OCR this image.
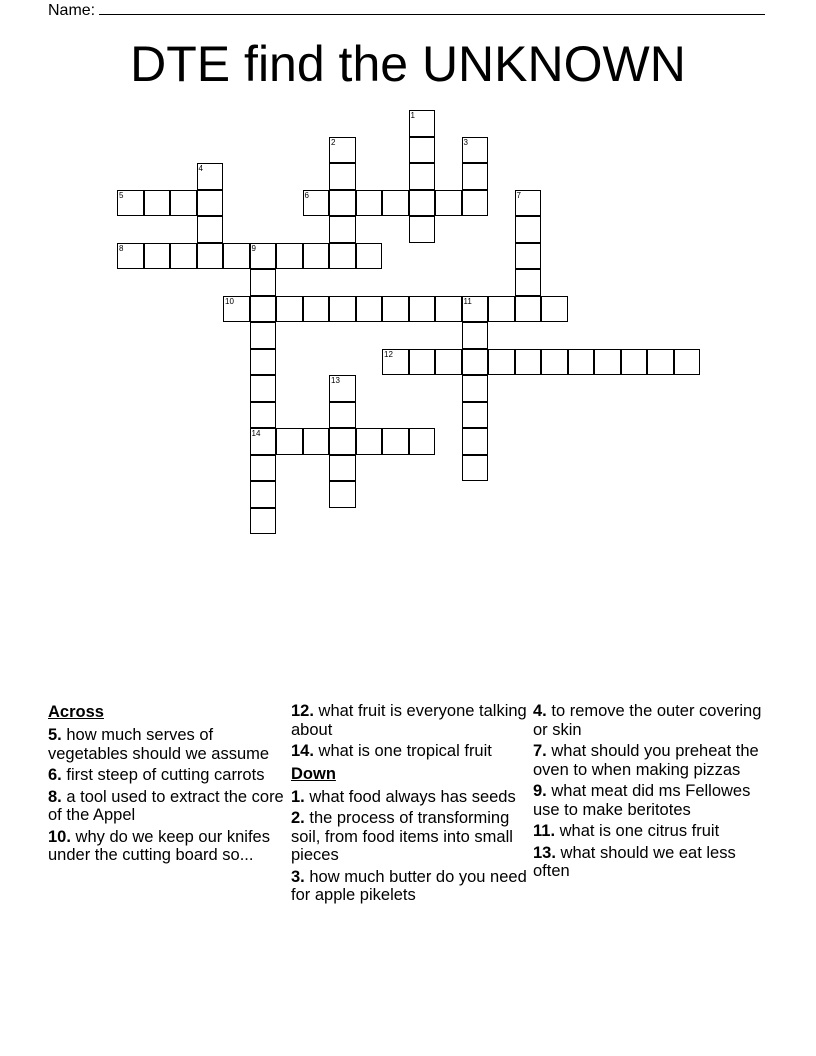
Name:
DTE find the UNKNOWN
5	6
8	9
10	11
12
14
1
2	3
4
7
13
Across
5. how much serves of vegetables should we assume
6. first steep of cutting carrots
8. a tool used to extract the core of the Appel
10. why do we keep our knifes under the cutting board so...
12. what fruit is everyone talking about
14. what is one tropical fruit
Down
1. what food always has seeds
2. the process of transforming soil, from food items into small pieces
3. how much butter do you need for apple pikelets
4. to remove the outer covering or skin
7. what should you preheat the oven to when making pizzas
9. what meat did ms Fellowes use to make beritotes
11. what is one citrus fruit
13. what should we eat less often
